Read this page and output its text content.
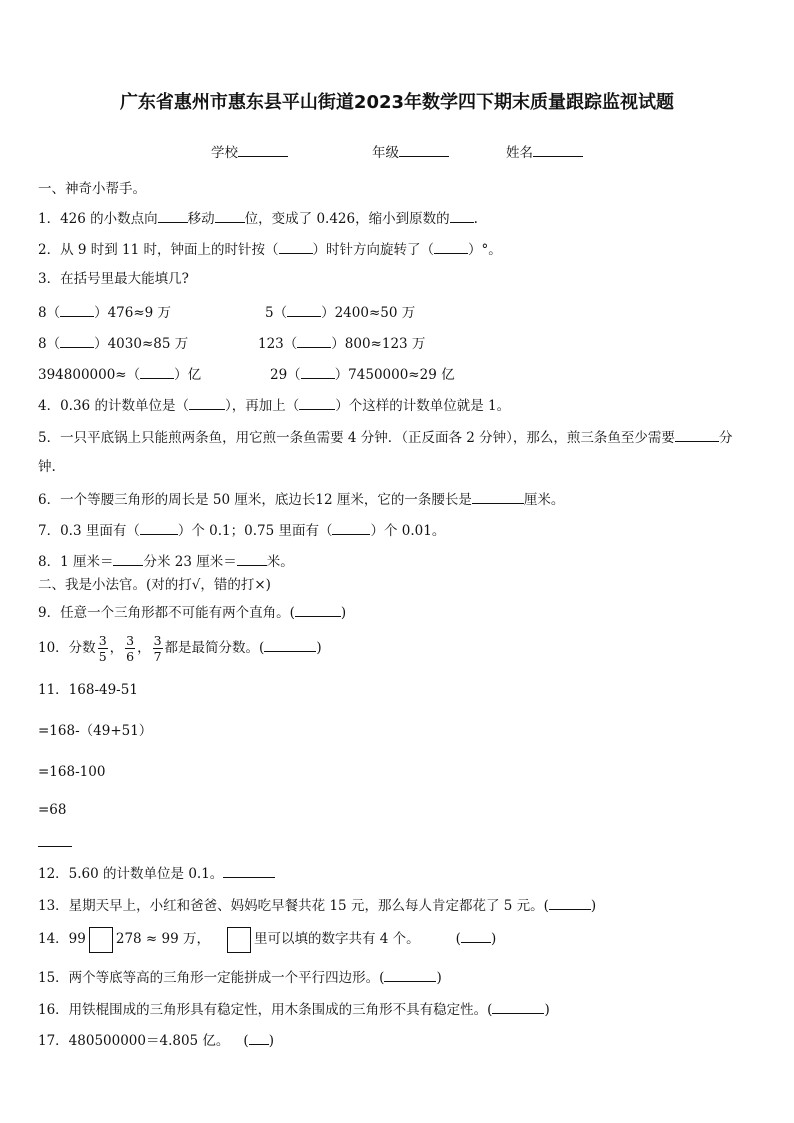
广东省惠州市惠东县平山街道2023年数学四下期末质量跟踪监视试题
学校	年级	姓名
一、神奇小帮手。
1．426 的小数点向 移动 位，变成了 0.426，缩小到原数的 .
2．从 9 时到 11 时，钟面上的时针按（	）时针方向旋转了（	）°。
3．在括号里最大能填几?
8（	）476≈9 万	5（	）2400≈50 万
8（	）4030≈85 万	123（	）800≈123 万
394800000≈（	）亿	29（	）7450000≈29 亿
4．0.36 的计数单位是（	），再加上（	）个这样的计数单位就是 1。
5．一只平底锅上只能煎两条鱼，用它煎一条鱼需要 4 分钟．（正反面各 2 分钟），那么，煎三条鱼至少需要	分
钟.
6．一个等腰三角形的周长是 50 厘米，底边长12 厘米，它的一条腰长是	厘米。
7．0.3 里面有（	）个 0.1；0.75 里面有（	）个 0.01。
8．1 厘米＝ 分米 23 厘米＝ 米。
二、我是小法官。(对的打√，错的打×)
9．任意一个三角形都不可能有两个直角。(	)
10．分数 $\frac{3}{5}$ ， $\frac{3}{6}$ ， $\frac{3}{7}$ 都是最简分数。(	)
11．168-49-51
=168-（49+51）
=168-100
=68
12．5.60 的计数单位是 0.1。
13．星期天早上，小红和爸爸、妈妈吃早餐共花 15 元，那么每人肯定都花了 5 元。(	)
14．99 278 ≈ 99 万，	里可以填的数字共有 4 个。	( )
15．两个等底等高的三角形一定能拼成一个平行四边形。(	)
16．用铁棍围成的三角形具有稳定性，用木条围成的三角形不具有稳定性。(	)
17．480500000＝4.805 亿。 ( )
